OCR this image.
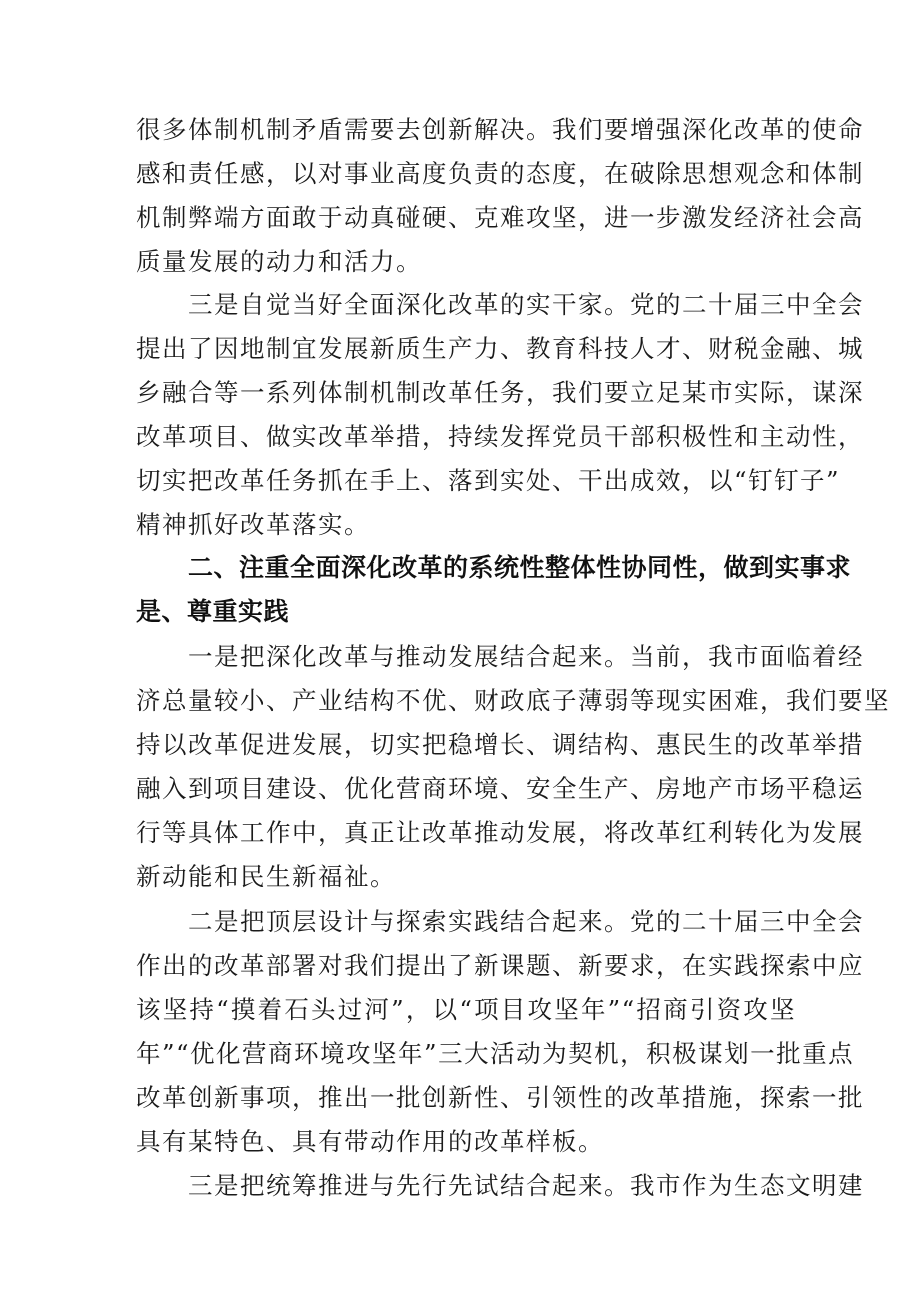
很多体制机制矛盾需要去创新解决。我们要增强深化改革的使命
感和责任感，以对事业高度负责的态度，在破除思想观念和体制
机制弊端方面敢于动真碰硬、克难攻坚，进一步激发经济社会高
质量发展的动力和活力。
三是自觉当好全面深化改革的实干家。党的二十届三中全会
提出了因地制宜发展新质生产力、教育科技人才、财税金融、城
乡融合等一系列体制机制改革任务，我们要立足某市实际，谋深
改革项目、做实改革举措，持续发挥党员干部积极性和主动性，
切实把改革任务抓在手上、落到实处、干出成效，以“钉钉子”
精神抓好改革落实。
二、注重全面深化改革的系统性整体性协同性，做到实事求
是、尊重实践
一是把深化改革与推动发展结合起来。当前，我市面临着经
济总量较小、产业结构不优、财政底子薄弱等现实困难，我们要坚
持以改革促进发展，切实把稳增长、调结构、惠民生的改革举措
融入到项目建设、优化营商环境、安全生产、房地产市场平稳运
行等具体工作中，真正让改革推动发展，将改革红利转化为发展
新动能和民生新福祉。
二是把顶层设计与探索实践结合起来。党的二十届三中全会
作出的改革部署对我们提出了新课题、新要求，在实践探索中应
该坚持“摸着石头过河”，以“项目攻坚年”“招商引资攻坚
年”“优化营商环境攻坚年”三大活动为契机，积极谋划一批重点
改革创新事项，推出一批创新性、引领性的改革措施，探索一批
具有某特色、具有带动作用的改革样板。
三是把统筹推进与先行先试结合起来。我市作为生态文明建
